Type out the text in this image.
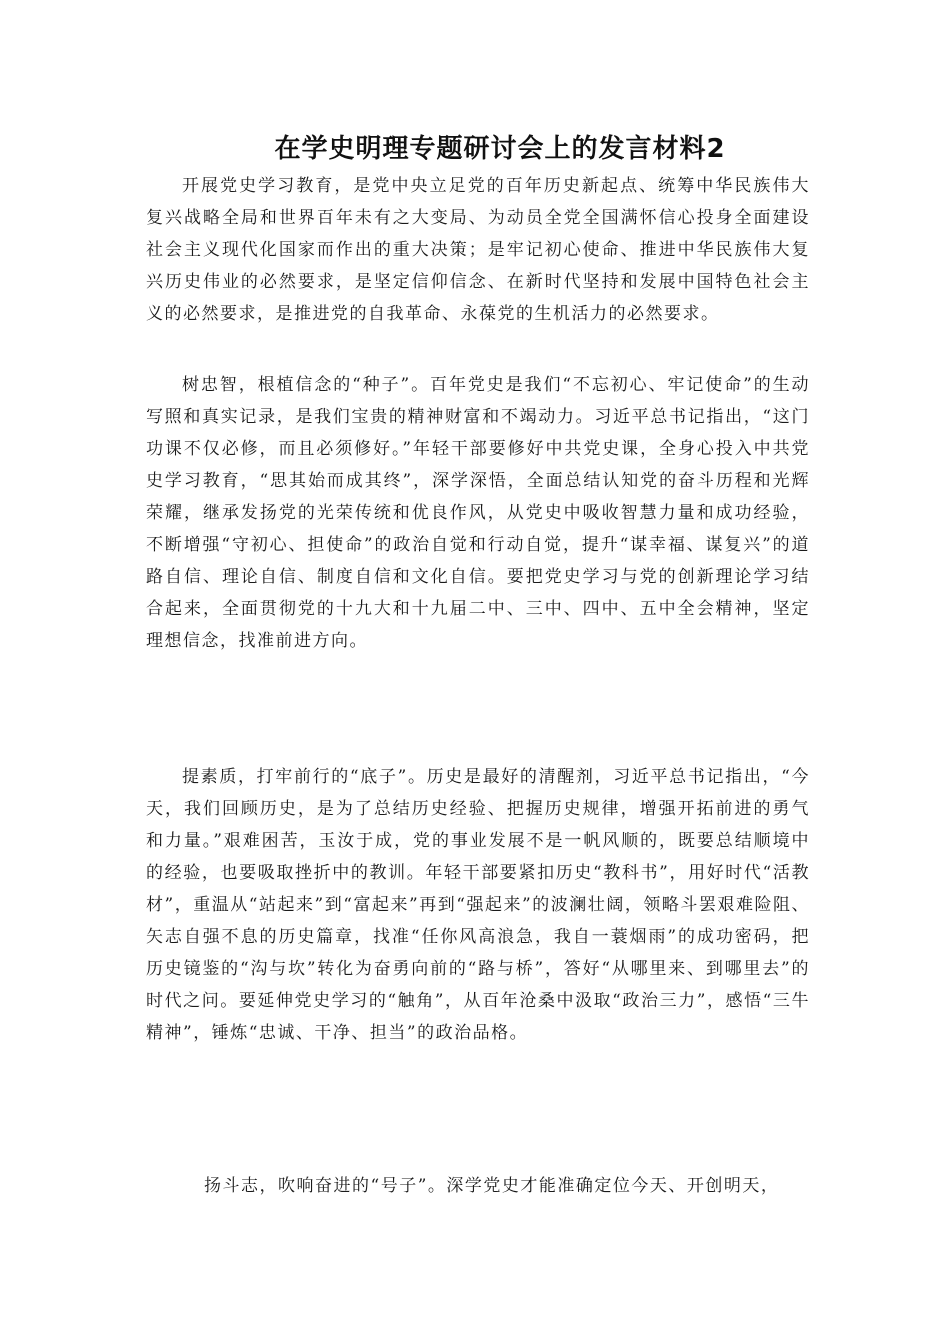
在学史明理专题研讨会上的发言材料2

开展党史学习教育，是党中央立足党的百年历史新起点、统筹中华民族伟大复兴战略全局和世界百年未有之大变局、为动员全党全国满怀信心投身全面建设社会主义现代化国家而作出的重大决策；是牢记初心使命、推进中华民族伟大复兴历史伟业的必然要求，是坚定信仰信念、在新时代坚持和发展中国特色社会主义的必然要求，是推进党的自我革命、永葆党的生机活力的必然要求。

树忠智，根植信念的“种子”。百年党史是我们“不忘初心、牢记使命”的生动写照和真实记录，是我们宝贵的精神财富和不竭动力。习近平总书记指出，“这门功课不仅必修，而且必须修好。”年轻干部要修好中共党史课，全身心投入中共党史学习教育，“思其始而成其终”，深学深悟，全面总结认知党的奋斗历程和光辉荣耀，继承发扬党的光荣传统和优良作风，从党史中吸收智慧力量和成功经验，不断增强“守初心、担使命”的政治自觉和行动自觉，提升“谋幸福、谋复兴”的道路自信、理论自信、制度自信和文化自信。要把党史学习与党的创新理论学习结合起来，全面贯彻党的十九大和十九届二中、三中、四中、五中全会精神，坚定理想信念，找准前进方向。

提素质，打牢前行的“底子”。历史是最好的清醒剂，习近平总书记指出，“今天，我们回顾历史，是为了总结历史经验、把握历史规律，增强开拓前进的勇气和力量。”艰难困苦，玉汝于成，党的事业发展不是一帆风顺的，既要总结顺境中的经验，也要吸取挫折中的教训。年轻干部要紧扣历史“教科书”，用好时代“活教材”，重温从“站起来”到“富起来”再到“强起来”的波澜壮阔，领略斗罢艰难险阻、矢志自强不息的历史篇章，找准“任你风高浪急，我自一蓑烟雨”的成功密码，把历史镜鉴的“沟与坎”转化为奋勇向前的“路与桥”，答好“从哪里来、到哪里去”的时代之问。要延伸党史学习的“触角”，从百年沧桑中汲取“政治三力”，感悟“三牛精神”，锤炼“忠诚、干净、担当”的政治品格。

扬斗志，吹响奋进的“号子”。深学党史才能准确定位今天、开创明天，
